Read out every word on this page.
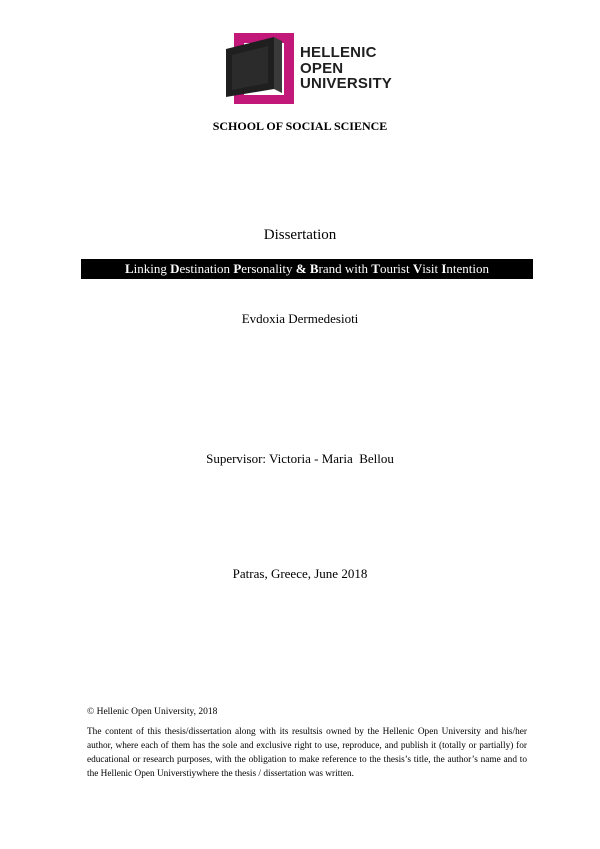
HELLENIC
OPEN
UNIVERSITY
SCHOOL OF SOCIAL SCIENCE
Dissertation
Linking Destination Personality & Brand with Tourist Visit Intention
Evdoxia Dermedesioti
Supervisor: Victoria - Maria  Bellou
Patras, Greece, June 2018
© Hellenic Open University, 2018
The content of this thesis/dissertation along with its resultsis owned by the Hellenic Open University and his/her author, where each of them has the sole and exclusive right to use, reproduce, and publish it (totally or partially) for educational or research purposes, with the obligation to make reference to the thesis’s title, the author’s name and to the Hellenic Open Universtiywhere the thesis / dissertation was written.
